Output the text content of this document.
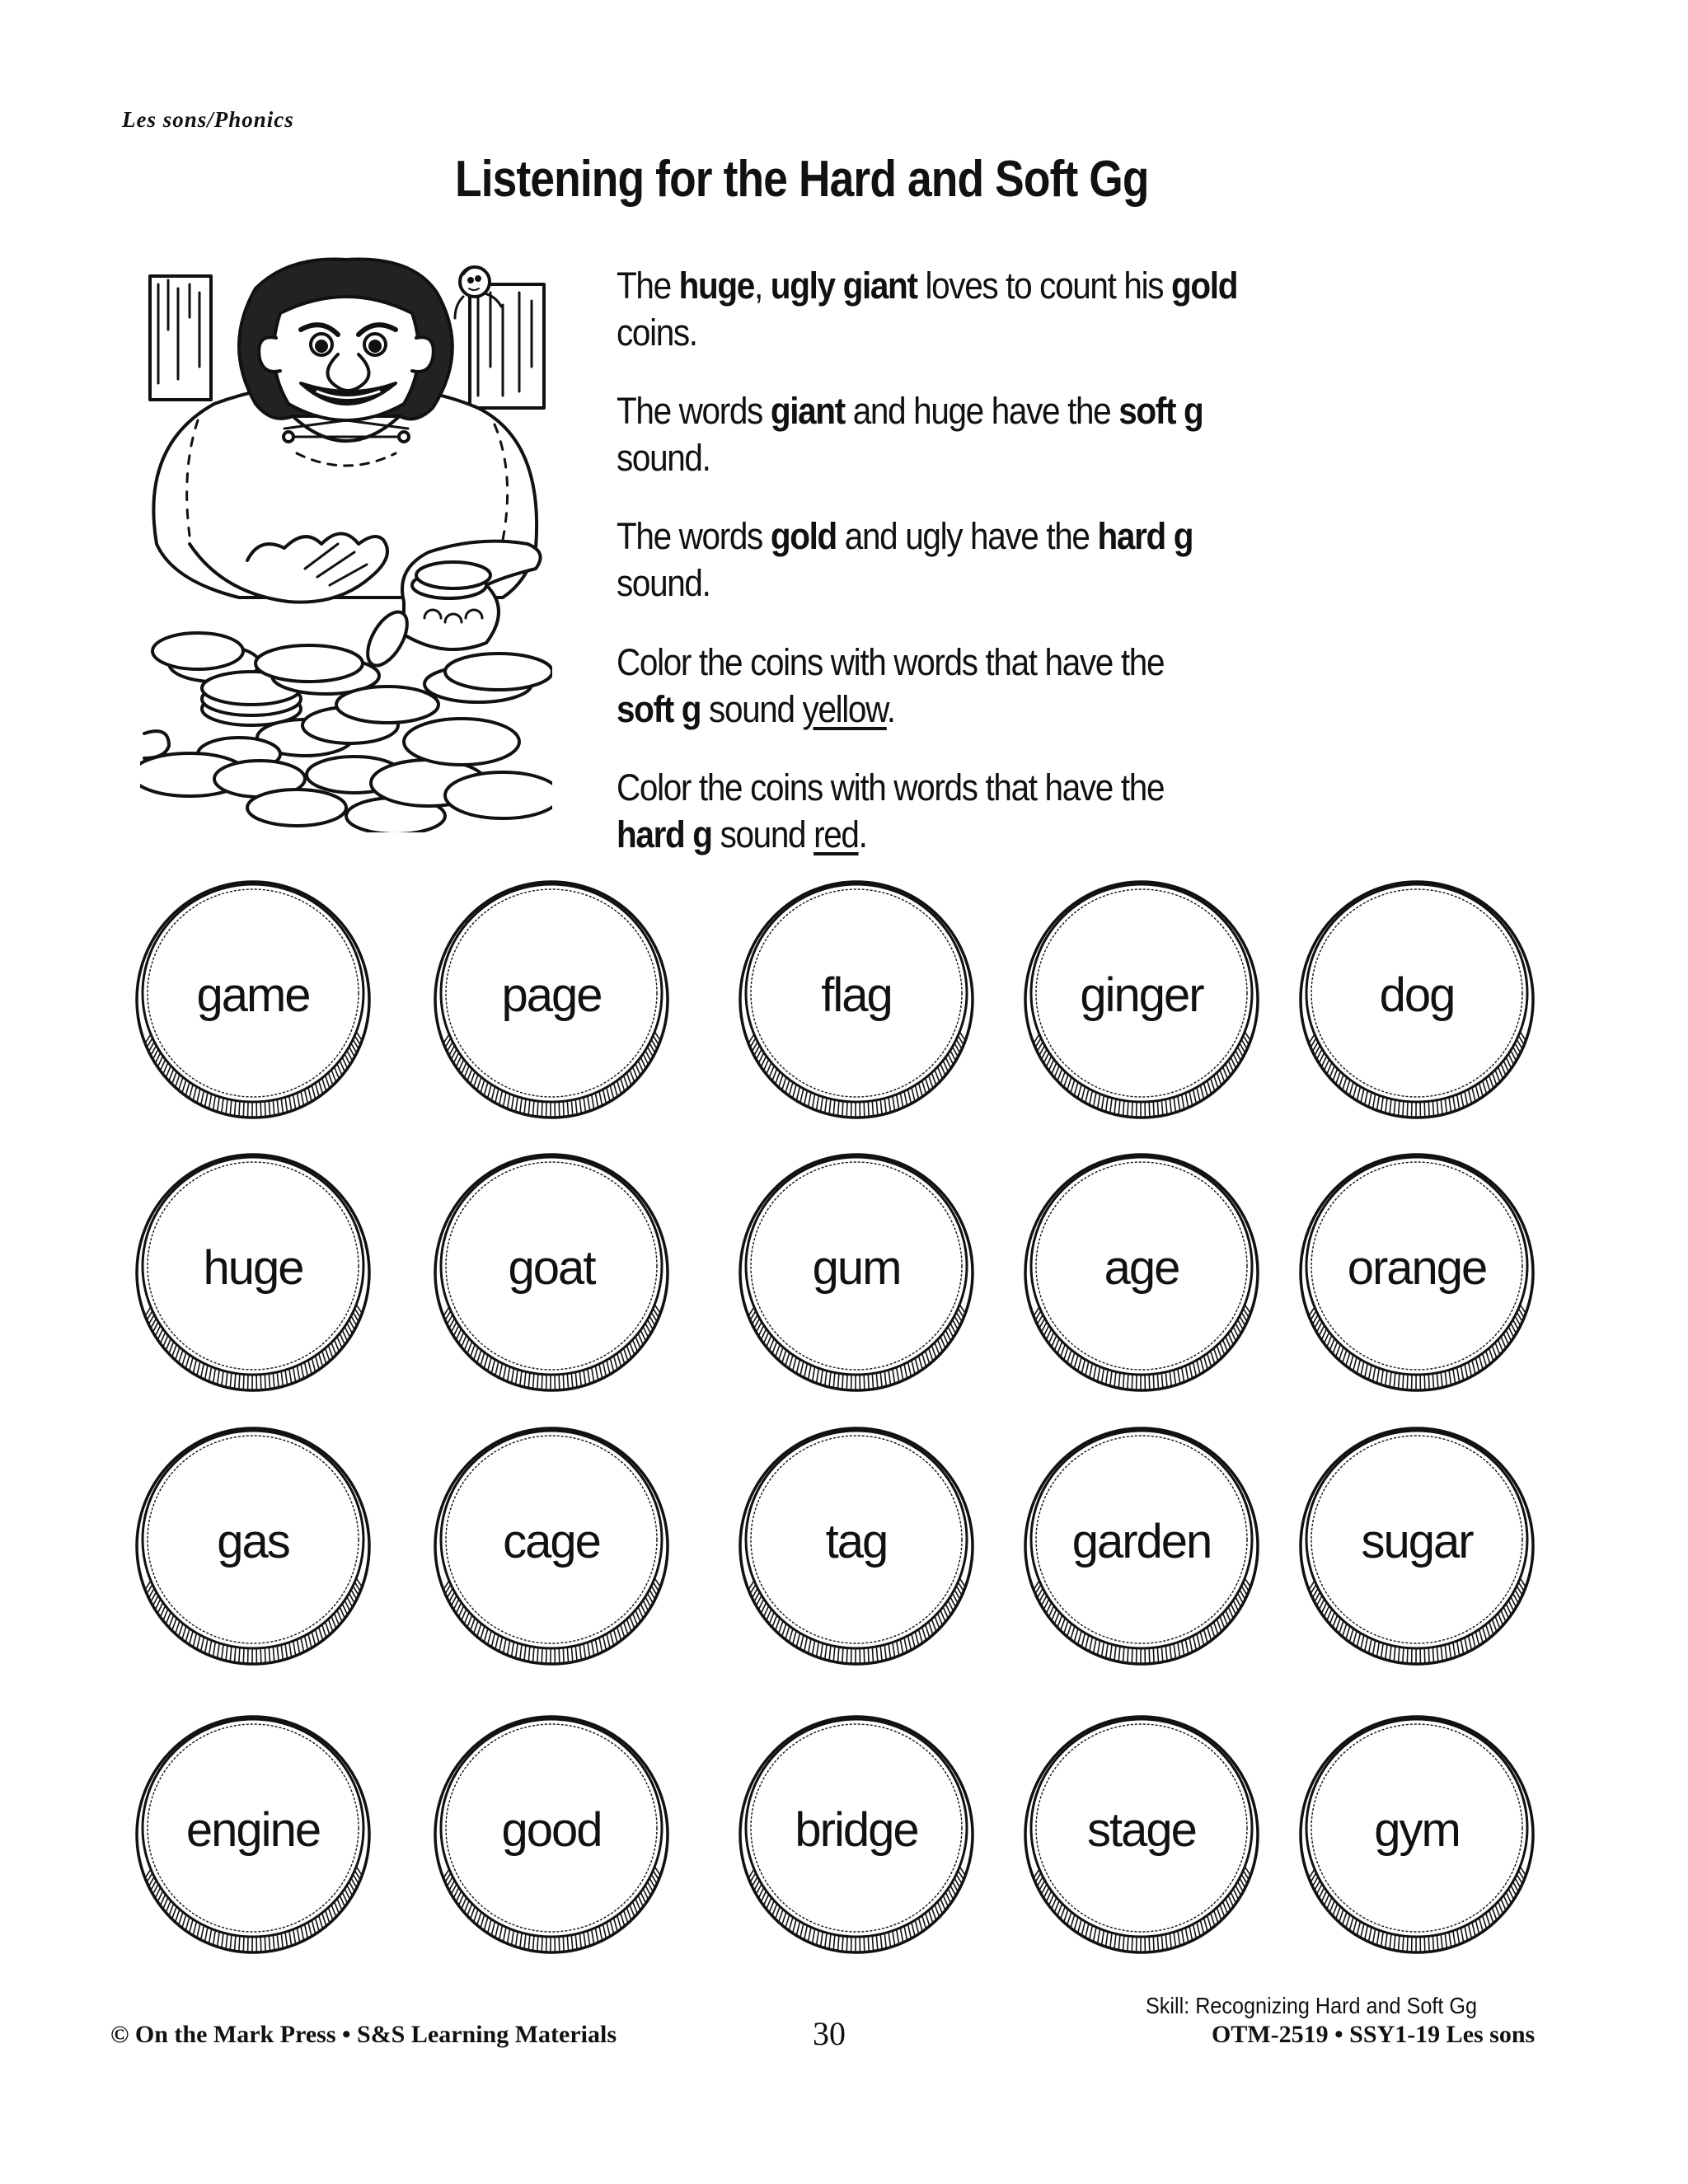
Les sons/Phonics
Listening for the Hard and Soft Gg
The huge, ugly giant loves to count his gold
coins.
The words giant and huge have the soft g
sound.
The words gold and ugly have the hard g
sound.
Color the coins with words that have the
soft g sound yellow.
Color the coins with words that have the
hard g sound red.
game	page	flag	ginger	dog
huge	goat	gum	age	orange
gas	cage	tag	garden	sugar
engine	good	bridge	stage	gym
© On the Mark Press • S&S Learning Materials	30
Skill: Recognizing Hard and Soft Gg
OTM-2519 • SSY1-19 Les sons
